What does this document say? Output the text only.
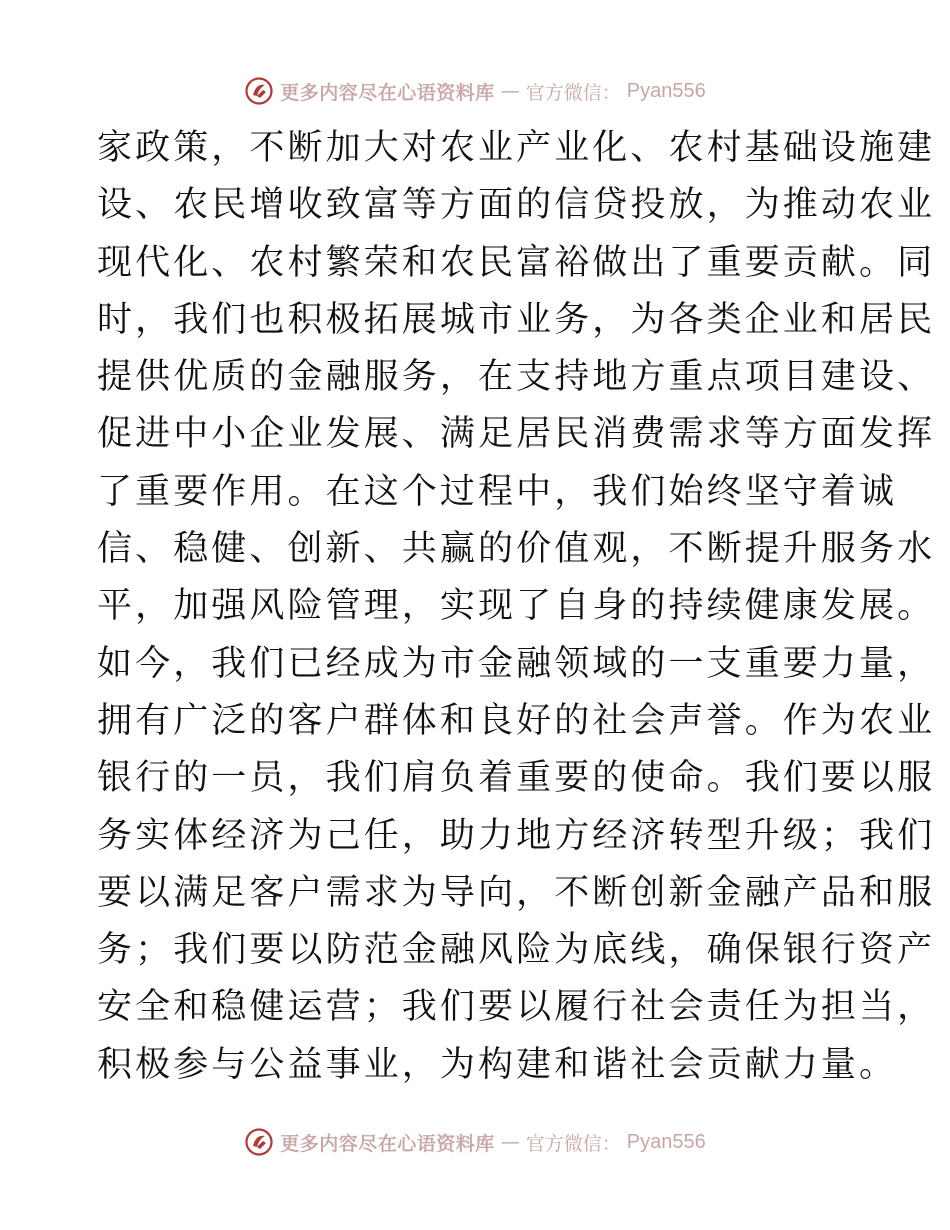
更多内容尽在心语资料库 — 官方微信： Pyan556
家政策，不断加大对农业产业化、农村基础设施建
设、农民增收致富等方面的信贷投放，为推动农业
现代化、农村繁荣和农民富裕做出了重要贡献。同
时，我们也积极拓展城市业务，为各类企业和居民
提供优质的金融服务，在支持地方重点项目建设、
促进中小企业发展、满足居民消费需求等方面发挥
了重要作用。在这个过程中，我们始终坚守着诚
信、稳健、创新、共赢的价值观，不断提升服务水
平，加强风险管理，实现了自身的持续健康发展。
如今，我们已经成为市金融领域的一支重要力量，
拥有广泛的客户群体和良好的社会声誉。作为农业
银行的一员，我们肩负着重要的使命。我们要以服
务实体经济为己任，助力地方经济转型升级；我们
要以满足客户需求为导向，不断创新金融产品和服
务；我们要以防范金融风险为底线，确保银行资产
安全和稳健运营；我们要以履行社会责任为担当，
积极参与公益事业，为构建和谐社会贡献力量。
更多内容尽在心语资料库 — 官方微信： Pyan556
